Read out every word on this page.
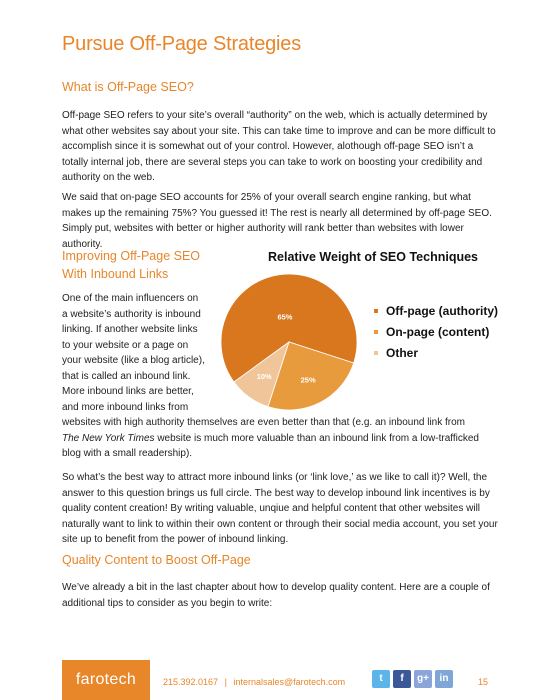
Pursue Off-Page Strategies
What is Off-Page SEO?
Off-page SEO refers to your site’s overall “authority” on the web, which is actually determined by what other websites say about your site. This can take time to improve and can be more difficult to accomplish since it is somewhat out of your control. However, alothough off-page SEO isn’t a totally internal job, there are several steps you can take to work on boosting your credibility and authority on the web.
We said that on-page SEO accounts for 25% of your overall search engine ranking, but what makes up the remaining 75%? You guessed it! The rest is nearly all determined by off-page SEO. Simply put, websites with better or higher authority will rank better than websites with lower authority.
Improving Off-Page SEO
With Inbound Links
One of the main influencers on
a website’s authority is inbound
linking. If another website links
to your website or a page on
your website (like a blog article),
that is called an inbound link.
More inbound links are better,
and more inbound links from
websites with high authority themselves are even better than that (e.g. an inbound link from
The New York Times website is much more valuable than an inbound link from a low-trafficked
blog with a small readership).
So what’s the best way to attract more inbound links (or ‘link love,’ as we like to call it)? Well, the answer to this question brings us full circle. The best way to develop inbound link incentives is by quality content creation! By writing valuable, unqiue and helpful content that other websites will naturally want to link to within their own content or through their social media account, you set your site up to benefit from the power of inbound linking.
Quality Content to Boost Off-Page
We’ve already a bit in the last chapter about how to develop quality content. Here are a couple of additional tips to consider as you begin to write:
Relative Weight of SEO Techniques
65%
25%
10%
Off-page (authority)
On-page (content)
Other
farotech	215.392.0167 | internalsales@farotech.com	t	f	g+	in	15
